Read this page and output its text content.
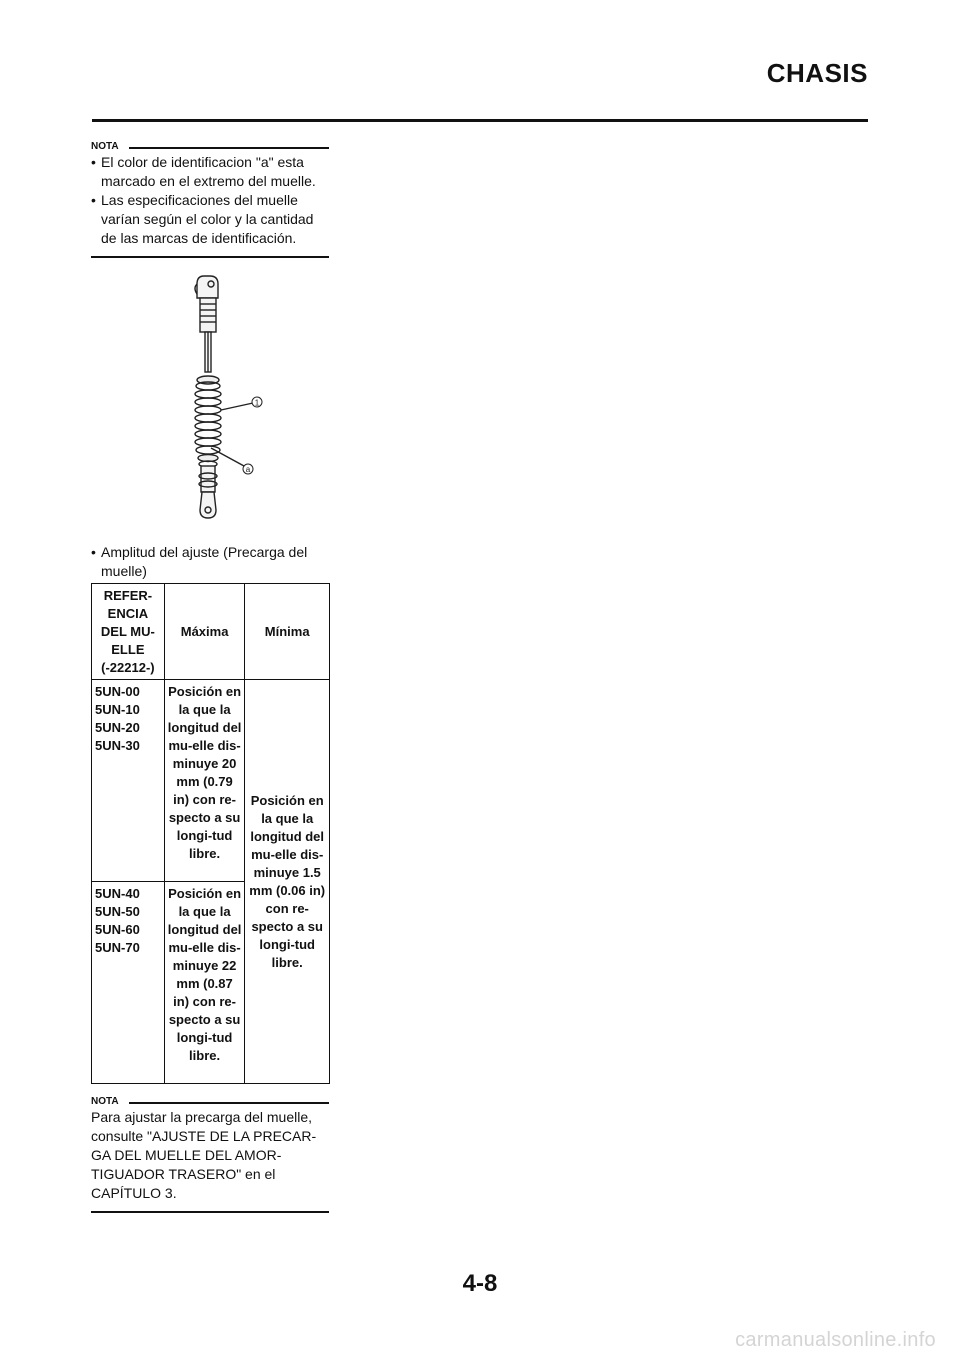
CHASIS
NOTA
• El color de identificacion "a" esta marcado en el extremo del muelle.
• Las especificaciones del muelle varían según el color y la cantidad de las marcas de identificación.
1
a
• Amplitud del ajuste (Precarga del muelle)
REFER-ENCIA DEL MU-ELLE (-22212-)	Máxima	Mínima
5UN-00
5UN-10
5UN-20
5UN-30	Posición en la que la longitud del mu-elle dis-minuye 20 mm (0.79 in) con re-specto a su longi-tud libre.	Posición en la que la longitud del mu-elle dis-minuye 1.5 mm (0.06 in) con re-specto a su longi-tud libre.
5UN-40
5UN-50
5UN-60
5UN-70	Posición en la que la longitud del mu-elle dis-minuye 22 mm (0.87 in) con re-specto a su longi-tud libre.	
NOTA
Para ajustar la precarga del muelle, consulte "AJUSTE DE LA PRECAR-GA DEL MUELLE DEL AMOR-TIGUADOR TRASERO" en el CAPÍTULO 3.
4-8
carmanualsonline.info
